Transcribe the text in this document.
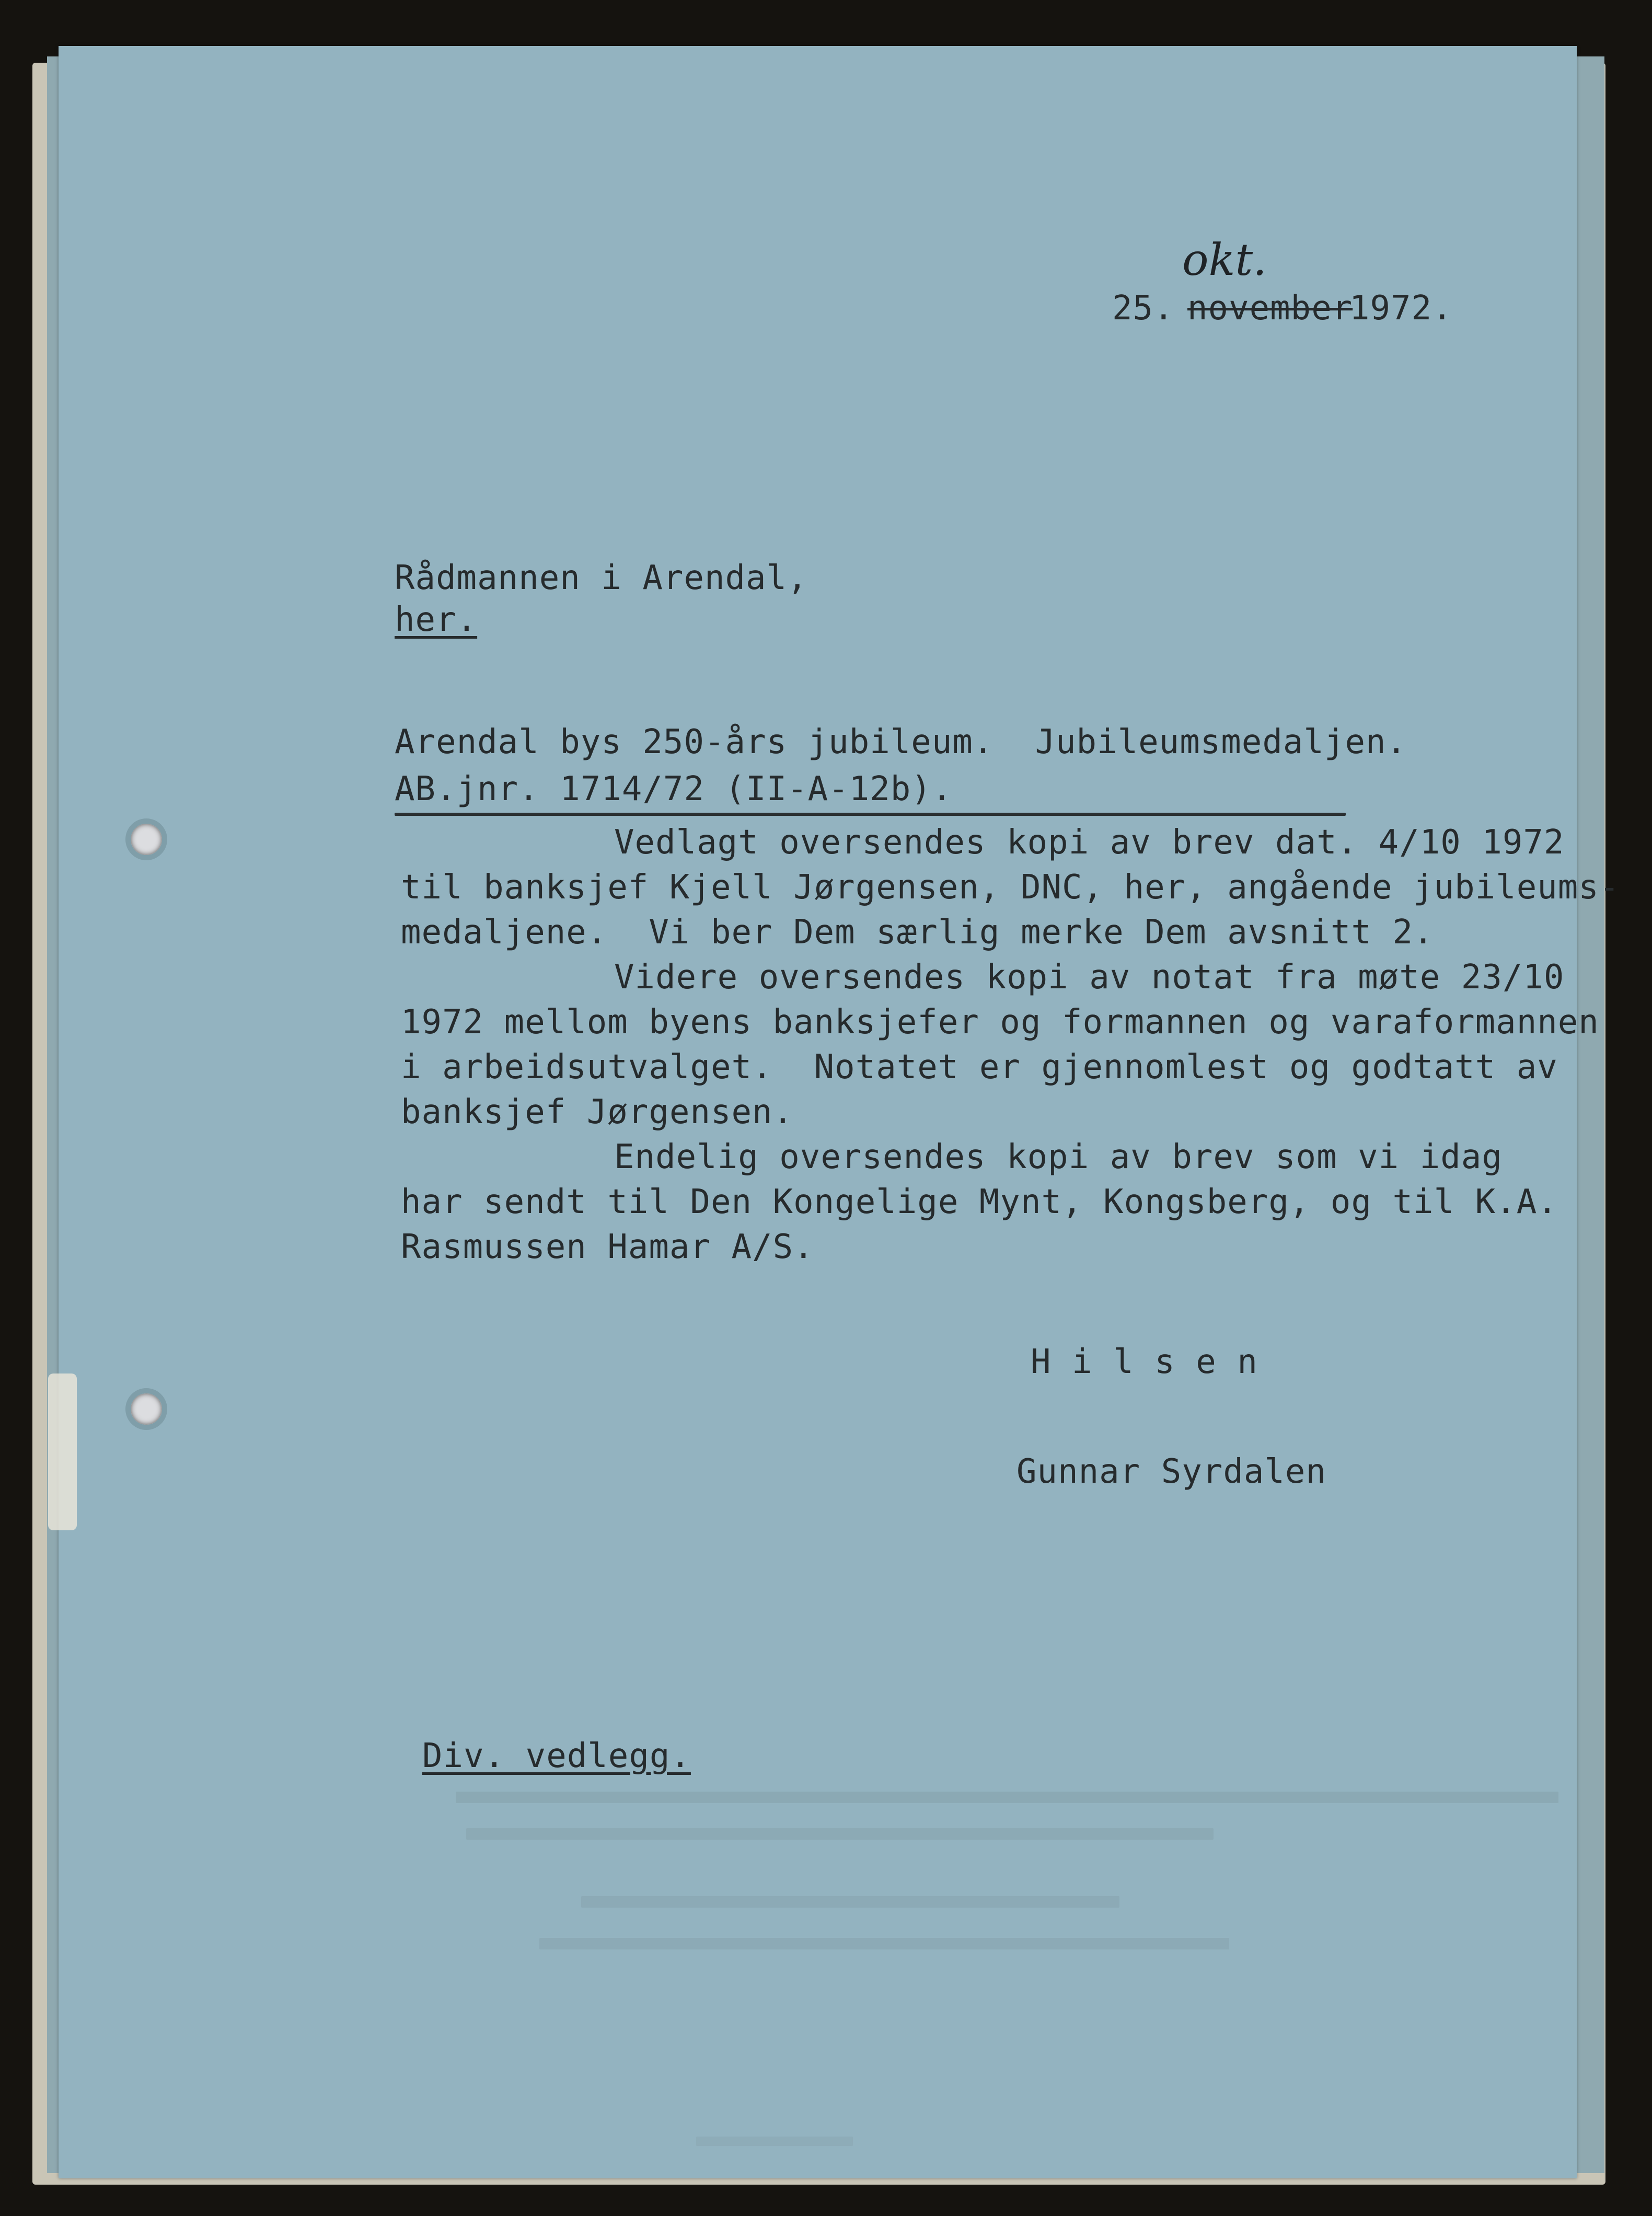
25. november
1972.
okt.
Rådmannen i Arendal,
her.
Arendal bys 250-års jubileum.  Jubileumsmedaljen.
AB.jnr. 1714/72 (II-A-12b).
Vedlagt oversendes kopi av brev dat. 4/10 1972
til banksjef Kjell Jørgensen, DNC, her, angående jubileums-
medaljene.  Vi ber Dem særlig merke Dem avsnitt 2.
Videre oversendes kopi av notat fra møte 23/10
1972 mellom byens banksjefer og formannen og varaformannen
i arbeidsutvalget.  Notatet er gjennomlest og godtatt av
banksjef Jørgensen.
Endelig oversendes kopi av brev som vi idag
har sendt til Den Kongelige Mynt, Kongsberg, og til K.A.
Rasmussen Hamar A/S.
H i l s e n
Gunnar Syrdalen
Div. vedlegg.
